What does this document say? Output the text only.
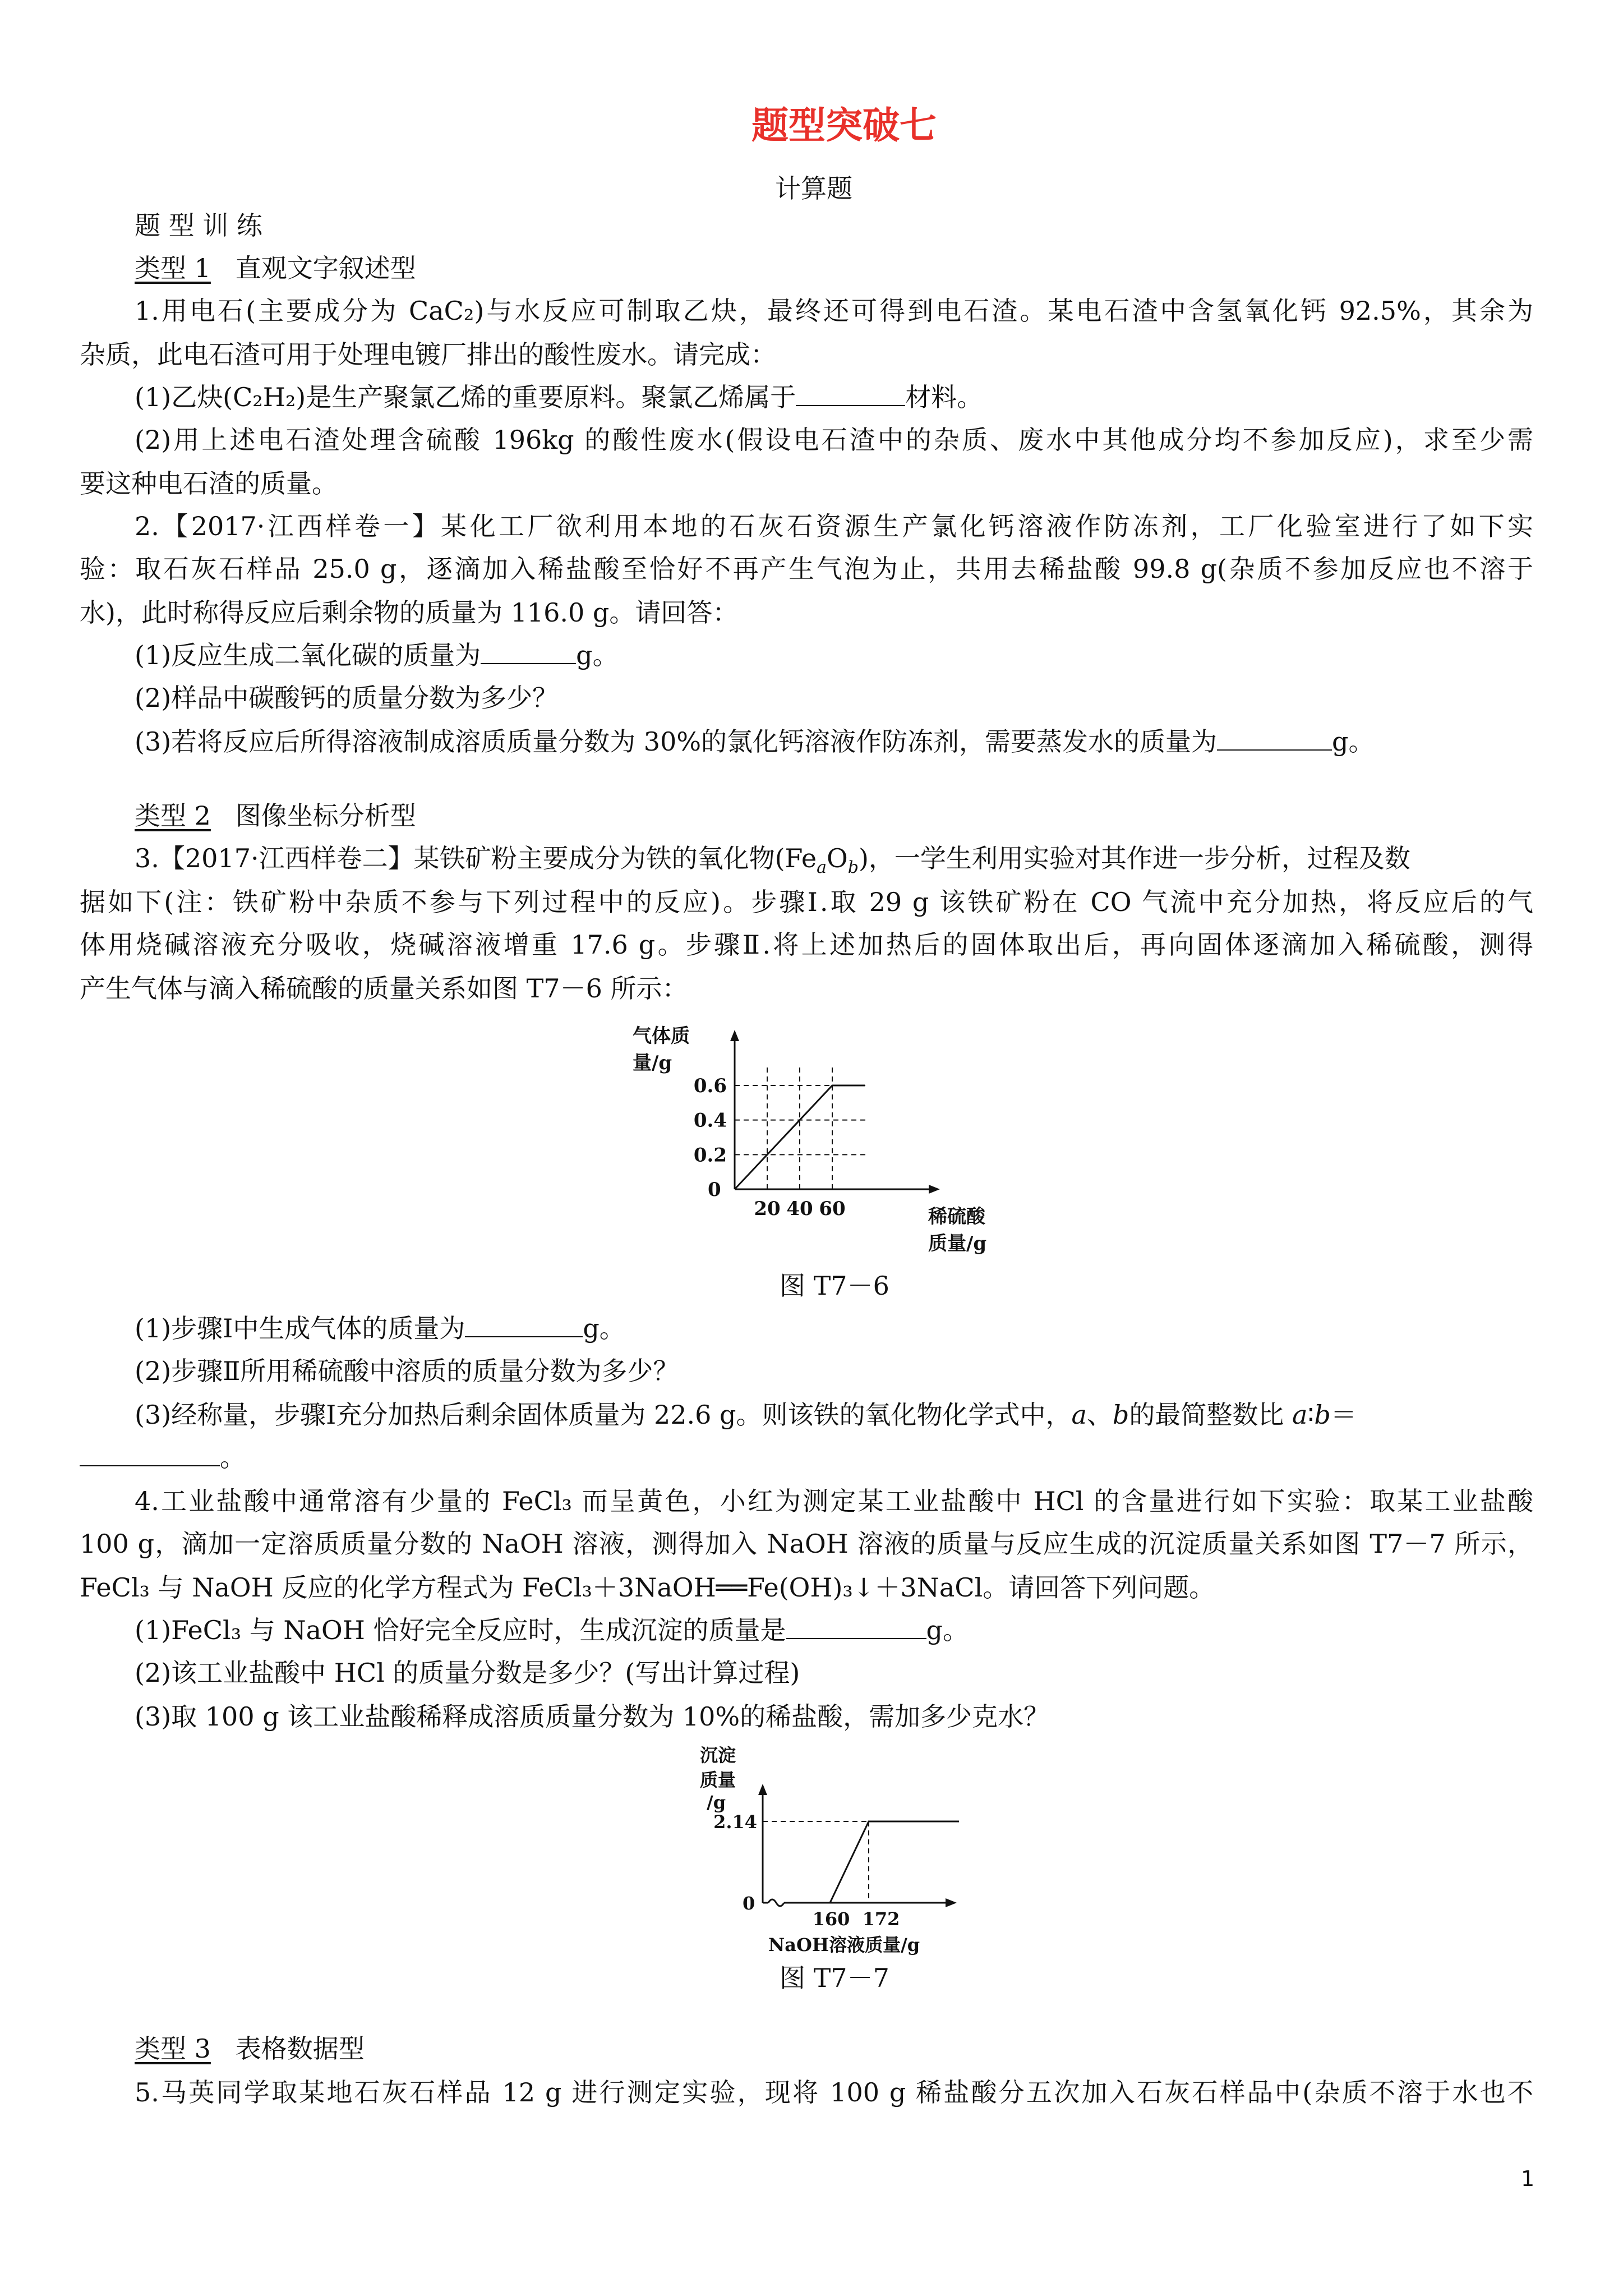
题型突破七
计算题
题 型 训 练
类型 1 直观文字叙述型
1.用电石(主要成分为 CaC₂)与水反应可制取乙炔，最终还可得到电石渣。某电石渣中含氢氧化钙 92.5%，其余为
杂质，此电石渣可用于处理电镀厂排出的酸性废水。请完成：
(1)乙炔(C₂H₂)是生产聚氯乙烯的重要原料。聚氯乙烯属于	材料。
(2)用上述电石渣处理含硫酸 196kg 的酸性废水(假设电石渣中的杂质、废水中其他成分均不参加反应)，求至少需
要这种电石渣的质量。
2.【2017·江西样卷一】某化工厂欲利用本地的石灰石资源生产氯化钙溶液作防冻剂，工厂化验室进行了如下实
验：取石灰石样品 25.0 g，逐滴加入稀盐酸至恰好不再产生气泡为止，共用去稀盐酸 99.8 g(杂质不参加反应也不溶于
水)，此时称得反应后剩余物的质量为 116.0 g。请回答：
(1)反应生成二氧化碳的质量为	g。
(2)样品中碳酸钙的质量分数为多少？
(3)若将反应后所得溶液制成溶质质量分数为 30%的氯化钙溶液作防冻剂，需要蒸发水的质量为	g。
类型 2 图像坐标分析型
3.【2017·江西样卷二】某铁矿粉主要成分为铁的氧化物$(Fe_aO_b)$，一学生利用实验对其作进一步分析，过程及数
据如下(注：铁矿粉中杂质不参与下列过程中的反应)。步骤Ⅰ.取 29 g 该铁矿粉在 CO 气流中充分加热，将反应后的气
体用烧碱溶液充分吸收，烧碱溶液增重 17.6 g。步骤Ⅱ.将上述加热后的固体取出后，再向固体逐滴加入稀硫酸，测得
产生气体与滴入稀硫酸的质量关系如图 T7－6 所示：
气体质
量/g
0
20 40 60
0.2
0.4
0.6
稀硫酸
质量/g
图 T7－6
(1)步骤Ⅰ中生成气体的质量为	g。
(2)步骤Ⅱ所用稀硫酸中溶质的质量分数为多少？
(3)经称量，步骤Ⅰ充分加热后剩余固体质量为 22.6 g。则该铁的氧化物化学式中，a、b的最简整数比 a∶b＝
。
4.工业盐酸中通常溶有少量的 FeCl₃ 而呈黄色，小红为测定某工业盐酸中 HCl 的含量进行如下实验：取某工业盐酸
100 g，滴加一定溶质质量分数的 NaOH 溶液，测得加入 NaOH 溶液的质量与反应生成的沉淀质量关系如图 T7－7 所示，
FeCl₃ 与 NaOH 反应的化学方程式为 FeCl₃＋3NaOH══Fe(OH)₃↓＋3NaCl。请回答下列问题。
(1)FeCl₃ 与 NaOH 恰好完全反应时，生成沉淀的质量是	g。
(2)该工业盐酸中 HCl 的质量分数是多少？(写出计算过程)
(3)取 100 g 该工业盐酸稀释成溶质质量分数为 10%的稀盐酸，需加多少克水？
沉淀
质量
/g
0
2.14
160 172
NaOH溶液质量/g
图 T7－7
类型 3 表格数据型
5.马英同学取某地石灰石样品 12 g 进行测定实验，现将 100 g 稀盐酸分五次加入石灰石样品中(杂质不溶于水也不
1
